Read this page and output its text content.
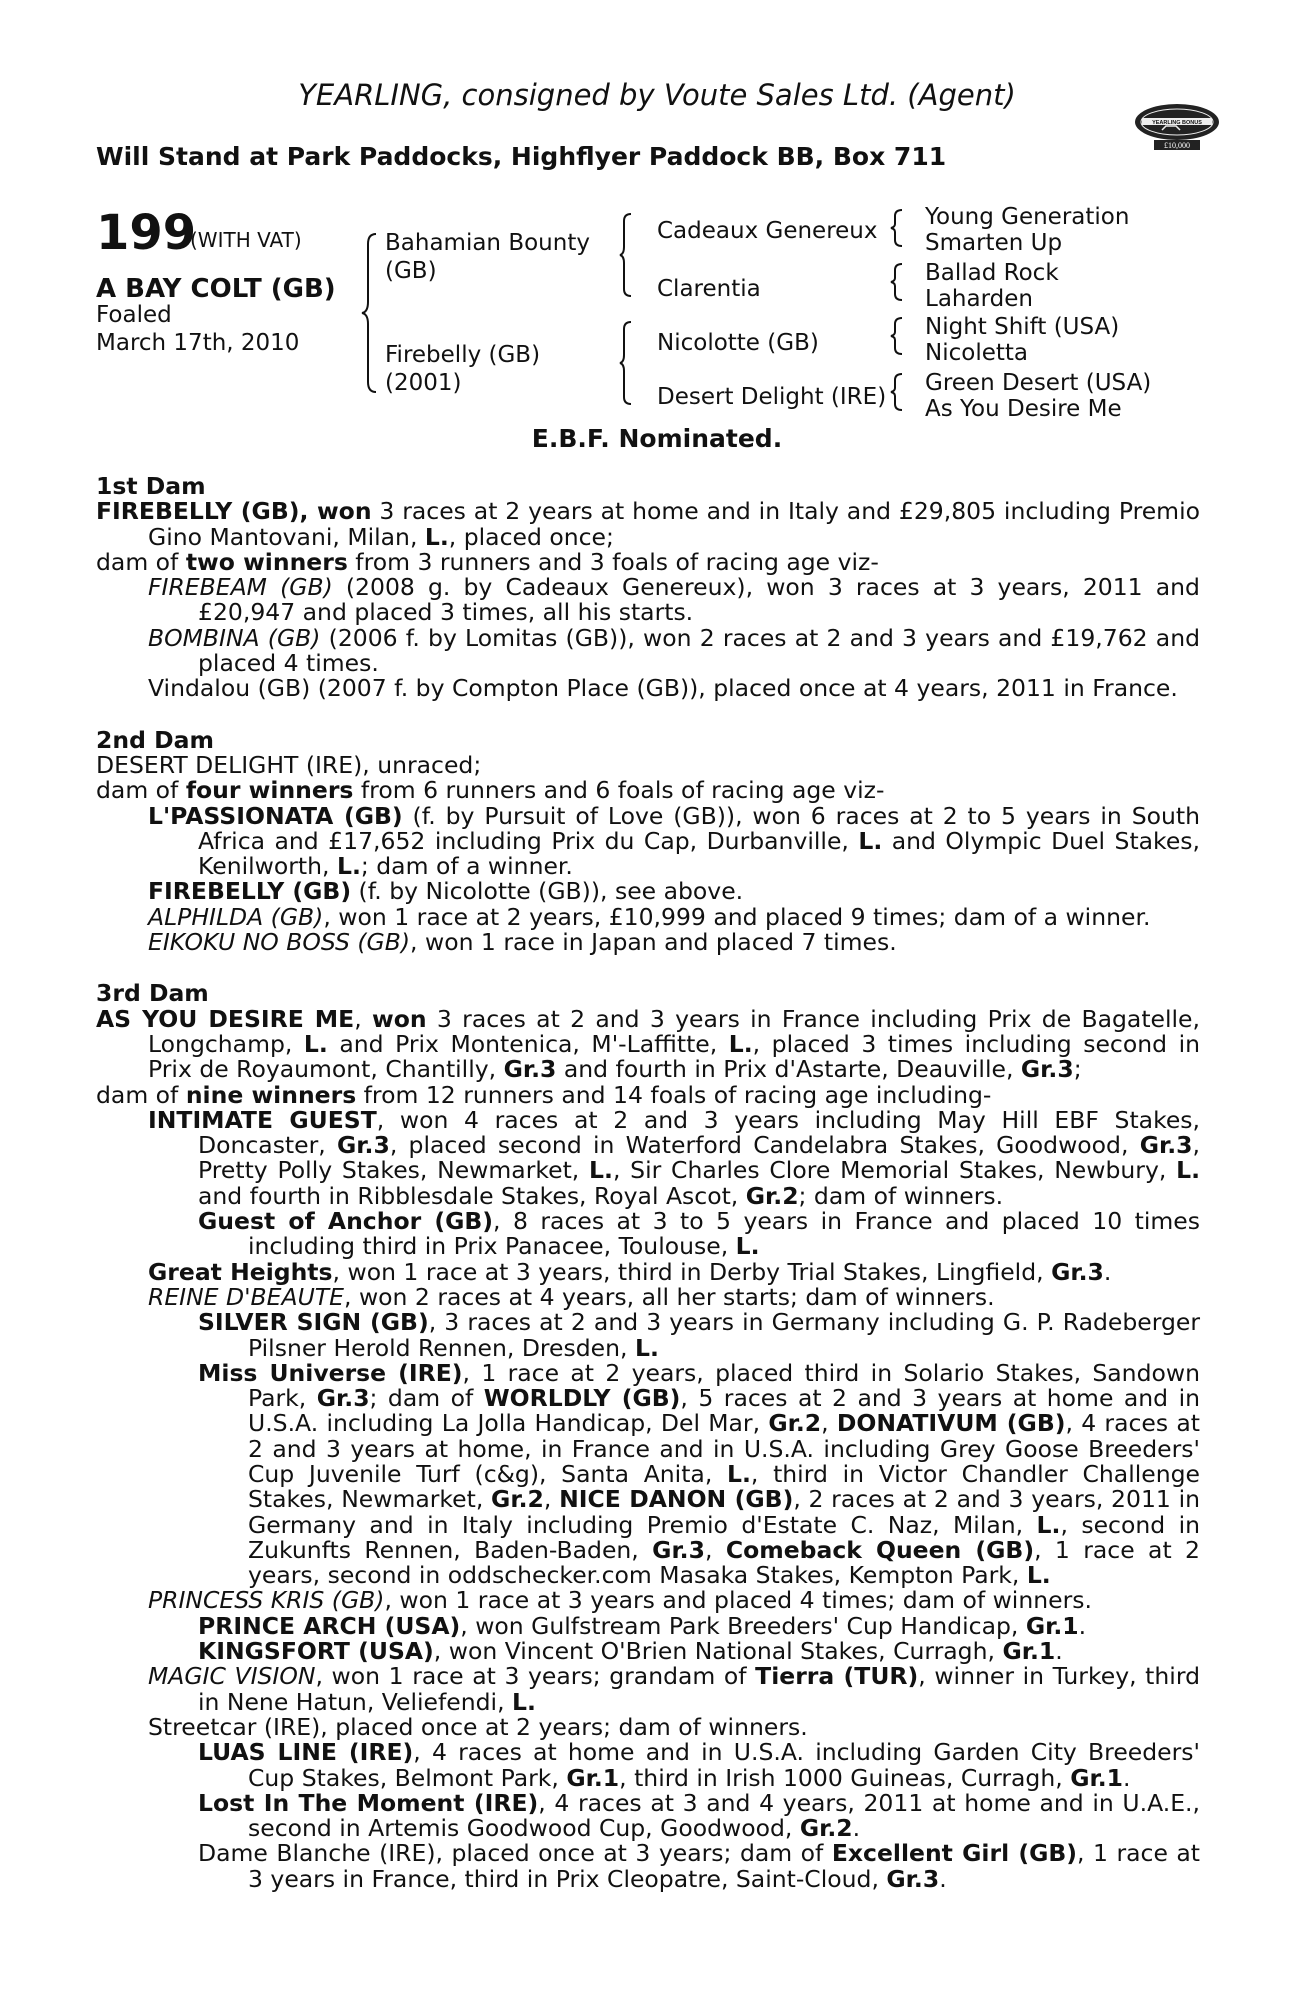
YEARLING, consigned by Voute Sales Ltd. (Agent)
Will Stand at Park Paddocks, Highflyer Paddock BB, Box 711
YEARLING BONUS
£10,000
199
(WITH VAT)
A BAY COLT (GB)
Foaled
March 17th, 2010
Bahamian Bounty
(GB)
Firebelly (GB)
(2001)
Cadeaux Genereux
Clarentia
Nicolotte (GB)
Desert Delight (IRE)
Young Generation
Smarten Up
Ballad Rock
Laharden
Night Shift (USA)
Nicoletta
Green Desert (USA)
As You Desire Me
E.B.F. Nominated.

1st Dam

FIREBELLY (GB), won 3 races at 2 years at home and in Italy and £29,805 including Premio Gino Mantovani, Milan, L., placed once;

dam of two winners from 3 runners and 3 foals of racing age viz-

FIREBEAM (GB) (2008 g. by Cadeaux Genereux), won 3 races at 3 years, 2011 and £20,947 and placed 3 times, all his starts.

BOMBINA (GB) (2006 f. by Lomitas (GB)), won 2 races at 2 and 3 years and £19,762 and placed 4 times.

Vindalou (GB) (2007 f. by Compton Place (GB)), placed once at 4 years, 2011 in France.

2nd Dam

DESERT DELIGHT (IRE), unraced;

dam of four winners from 6 runners and 6 foals of racing age viz-

L'PASSIONATA (GB) (f. by Pursuit of Love (GB)), won 6 races at 2 to 5 years in South Africa and £17,652 including Prix du Cap, Durbanville, L. and Olympic Duel Stakes, Kenilworth, L.; dam of a winner.

FIREBELLY (GB) (f. by Nicolotte (GB)), see above.

ALPHILDA (GB), won 1 race at 2 years, £10,999 and placed 9 times; dam of a winner.

EIKOKU NO BOSS (GB), won 1 race in Japan and placed 7 times.

3rd Dam

AS YOU DESIRE ME, won 3 races at 2 and 3 years in France including Prix de Bagatelle, Longchamp, L. and Prix Montenica, M'-Laffitte, L., placed 3 times including second in Prix de Royaumont, Chantilly, Gr.3 and fourth in Prix d'Astarte, Deauville, Gr.3;

dam of nine winners from 12 runners and 14 foals of racing age including-

INTIMATE GUEST, won 4 races at 2 and 3 years including May Hill EBF Stakes, Doncaster, Gr.3, placed second in Waterford Candelabra Stakes, Goodwood, Gr.3, Pretty Polly Stakes, Newmarket, L., Sir Charles Clore Memorial Stakes, Newbury, L. and fourth in Ribblesdale Stakes, Royal Ascot, Gr.2; dam of winners.

Guest of Anchor (GB), 8 races at 3 to 5 years in France and placed 10 times including third in Prix Panacee, Toulouse, L.

Great Heights, won 1 race at 3 years, third in Derby Trial Stakes, Lingfield, Gr.3.

REINE D'BEAUTE, won 2 races at 4 years, all her starts; dam of winners.

SILVER SIGN (GB), 3 races at 2 and 3 years in Germany including G. P. Radeberger Pilsner Herold Rennen, Dresden, L.

Miss Universe (IRE), 1 race at 2 years, placed third in Solario Stakes, Sandown Park, Gr.3; dam of WORLDLY (GB), 5 races at 2 and 3 years at home and in U.S.A. including La Jolla Handicap, Del Mar, Gr.2, DONATIVUM (GB), 4 races at 2 and 3 years at home, in France and in U.S.A. including Grey Goose Breeders' Cup Juvenile Turf (c&g), Santa Anita, L., third in Victor Chandler Challenge Stakes, Newmarket, Gr.2, NICE DANON (GB), 2 races at 2 and 3 years, 2011 in Germany and in Italy including Premio d'Estate C. Naz, Milan, L., second in Zukunfts Rennen, Baden-Baden, Gr.3, Comeback Queen (GB), 1 race at 2 years, second in oddschecker.com Masaka Stakes, Kempton Park, L.

PRINCESS KRIS (GB), won 1 race at 3 years and placed 4 times; dam of winners.

PRINCE ARCH (USA), won Gulfstream Park Breeders' Cup Handicap, Gr.1.

KINGSFORT (USA), won Vincent O'Brien National Stakes, Curragh, Gr.1.

MAGIC VISION, won 1 race at 3 years; grandam of Tierra (TUR), winner in Turkey, third in Nene Hatun, Veliefendi, L.

Streetcar (IRE), placed once at 2 years; dam of winners.

LUAS LINE (IRE), 4 races at home and in U.S.A. including Garden City Breeders' Cup Stakes, Belmont Park, Gr.1, third in Irish 1000 Guineas, Curragh, Gr.1.

Lost In The Moment (IRE), 4 races at 3 and 4 years, 2011 at home and in U.A.E., second in Artemis Goodwood Cup, Goodwood, Gr.2.

Dame Blanche (IRE), placed once at 3 years; dam of Excellent Girl (GB), 1 race at 3 years in France, third in Prix Cleopatre, Saint-Cloud, Gr.3.
